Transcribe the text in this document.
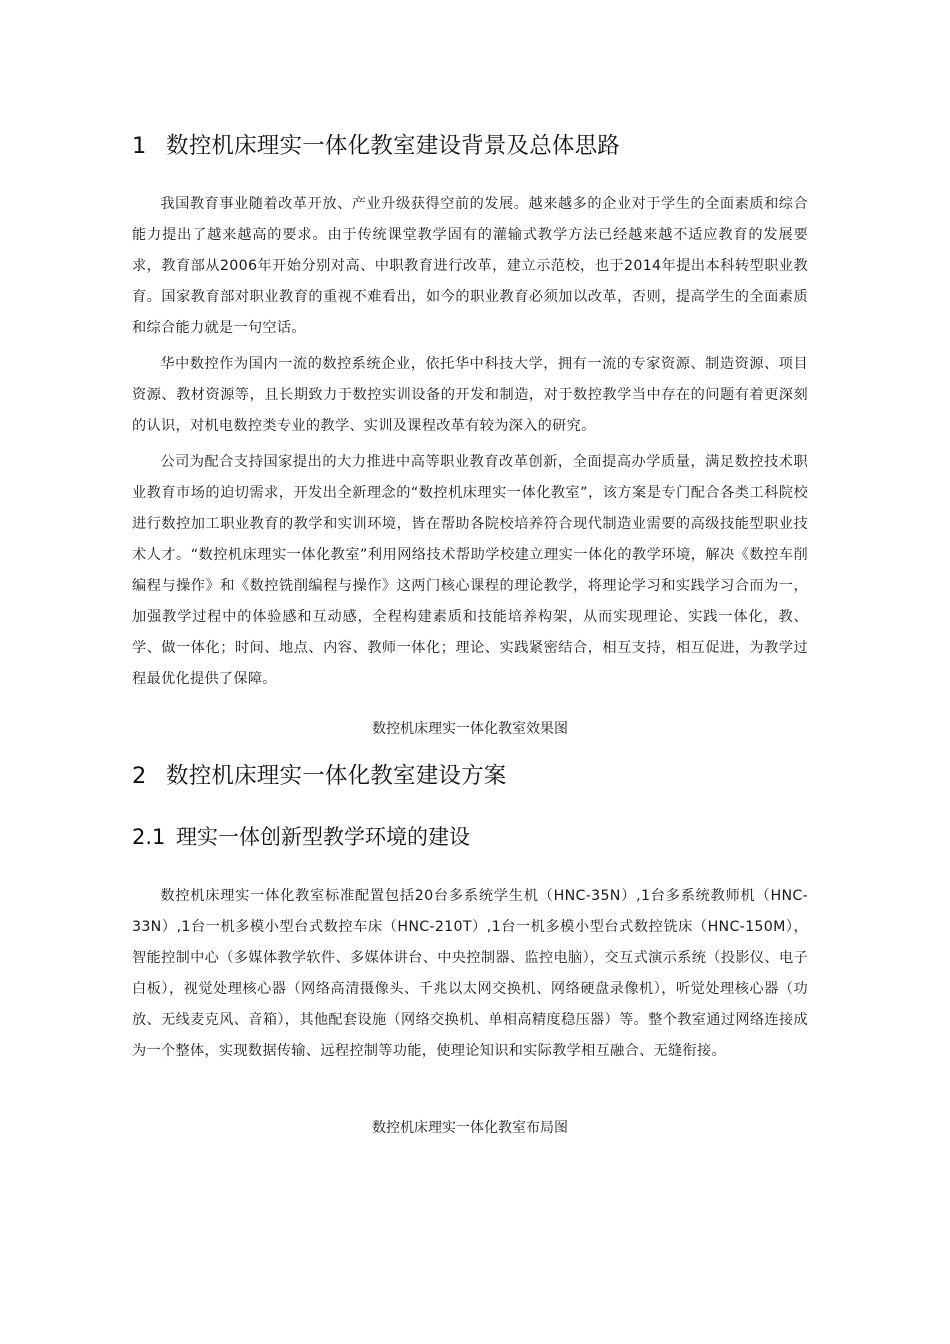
1 数控机床理实一体化教室建设背景及总体思路

我国教育事业随着改革开放、产业升级获得空前的发展。越来越多的企业对于学生的全面素质和综合能力提出了越来越高的要求。由于传统课堂教学固有的灌输式教学方法已经越来越不适应教育的发展要求，教育部从2006年开始分别对高、中职教育进行改革，建立示范校，也于2014年提出本科转型职业教育。国家教育部对职业教育的重视不难看出，如今的职业教育必须加以改革，否则，提高学生的全面素质和综合能力就是一句空话。

华中数控作为国内一流的数控系统企业，依托华中科技大学，拥有一流的专家资源、制造资源、项目资源、教材资源等，且长期致力于数控实训设备的开发和制造，对于数控教学当中存在的问题有着更深刻的认识，对机电数控类专业的教学、实训及课程改革有较为深入的研究。

公司为配合支持国家提出的大力推进中高等职业教育改革创新，全面提高办学质量，满足数控技术职业教育市场的迫切需求，开发出全新理念的“数控机床理实一体化教室”，该方案是专门配合各类工科院校进行数控加工职业教育的教学和实训环境，皆在帮助各院校培养符合现代制造业需要的高级技能型职业技术人才。“数控机床理实一体化教室”利用网络技术帮助学校建立理实一体化的教学环境，解决《数控车削编程与操作》和《数控铣削编程与操作》这两门核心课程的理论教学，将理论学习和实践学习合而为一，加强教学过程中的体验感和互动感，全程构建素质和技能培养构架，从而实现理论、实践一体化，教、学、做一体化；时间、地点、内容、教师一体化；理论、实践紧密结合，相互支持，相互促进，为教学过程最优化提供了保障。

数控机床理实一体化教室效果图

2 数控机床理实一体化教室建设方案
2.1 理实一体创新型教学环境的建设

数控机床理实一体化教室标准配置包括20台多系统学生机（HNC-35N）,1台多系统教师机（HNC-33N）,1台一机多模小型台式数控车床（HNC-210T）,1台一机多模小型台式数控铣床（HNC-150M），智能控制中心（多媒体教学软件、多媒体讲台、中央控制器、监控电脑），交互式演示系统（投影仪、电子白板），视觉处理核心器（网络高清摄像头、千兆以太网交换机、网络硬盘录像机），听觉处理核心器（功放、无线麦克风、音箱），其他配套设施（网络交换机、单相高精度稳压器）等。整个教室通过网络连接成为一个整体，实现数据传输、远程控制等功能，使理论知识和实际教学相互融合、无缝衔接。

数控机床理实一体化教室布局图
